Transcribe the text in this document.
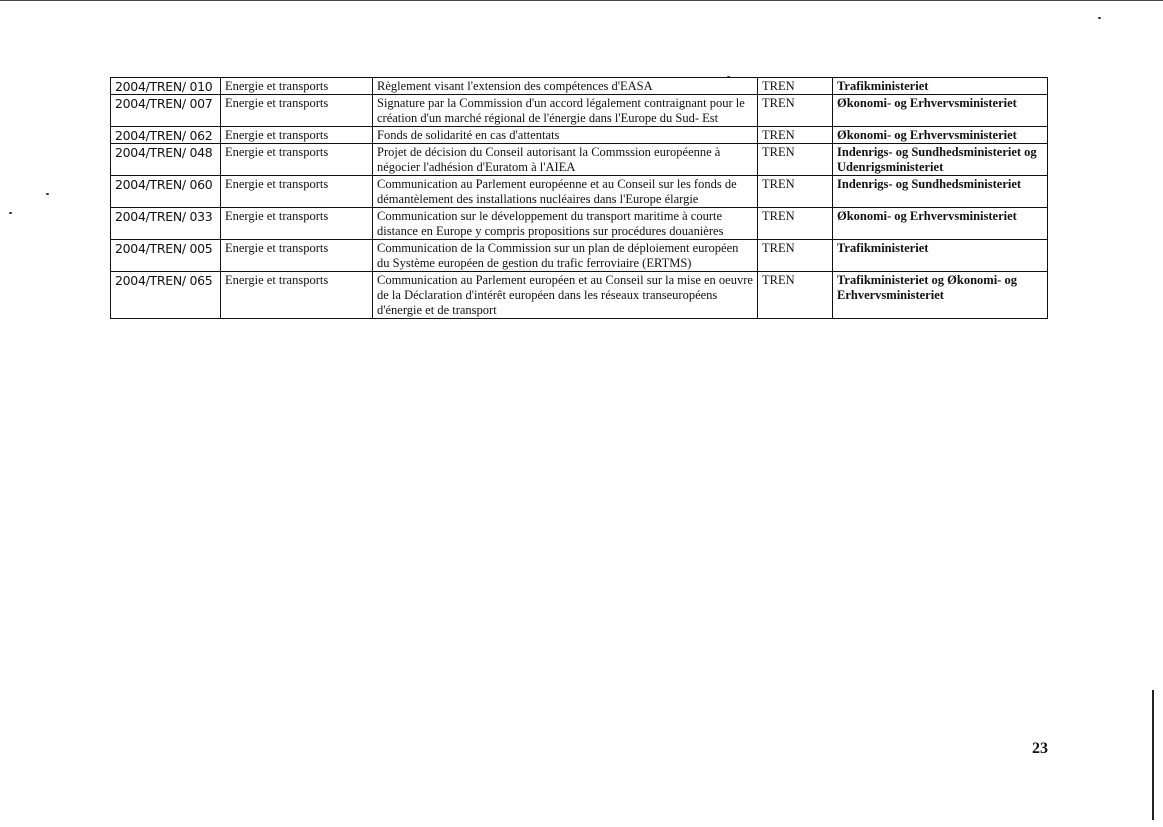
2004/TREN/ 010	Energie et transports	Règlement visant l'extension des compétences d'EASA	TREN	Trafikministeriet
2004/TREN/ 007	Energie et transports	Signature par la Commission d'un accord légalement contraignant pour le création d'un marché régional de l'énergie dans l'Europe du Sud- Est	TREN	Økonomi- og Erhvervsministeriet
2004/TREN/ 062	Energie et transports	Fonds de solidarité en cas d'attentats	TREN	Økonomi- og Erhvervsministeriet
2004/TREN/ 048	Energie et transports	Projet de décision du Conseil autorisant la Commssion européenne à négocier l'adhésion d'Euratom à l'AIEA	TREN	Indenrigs- og Sundhedsministeriet og Udenrigsministeriet
2004/TREN/ 060	Energie et transports	Communication au Parlement européenne et au Conseil sur les fonds de démantèlement des installations nucléaires dans l'Europe élargie	TREN	Indenrigs- og Sundhedsministeriet
2004/TREN/ 033	Energie et transports	Communication sur le développement du transport maritime à courte distance en Europe y compris propositions sur procédures douanières	TREN	Økonomi- og Erhvervsministeriet
2004/TREN/ 005	Energie et transports	Communication de la Commission sur un plan de déploiement européen du Système européen de gestion du trafic ferroviaire (ERTMS)	TREN	Trafikministeriet
2004/TREN/ 065	Energie et transports	Communication au Parlement européen et au Conseil sur la mise en oeuvre de la Déclaration d'intérêt européen dans les réseaux transeuropéens d'énergie et de transport	TREN	Trafikministeriet og Økonomi- og Erhvervsministeriet
23
